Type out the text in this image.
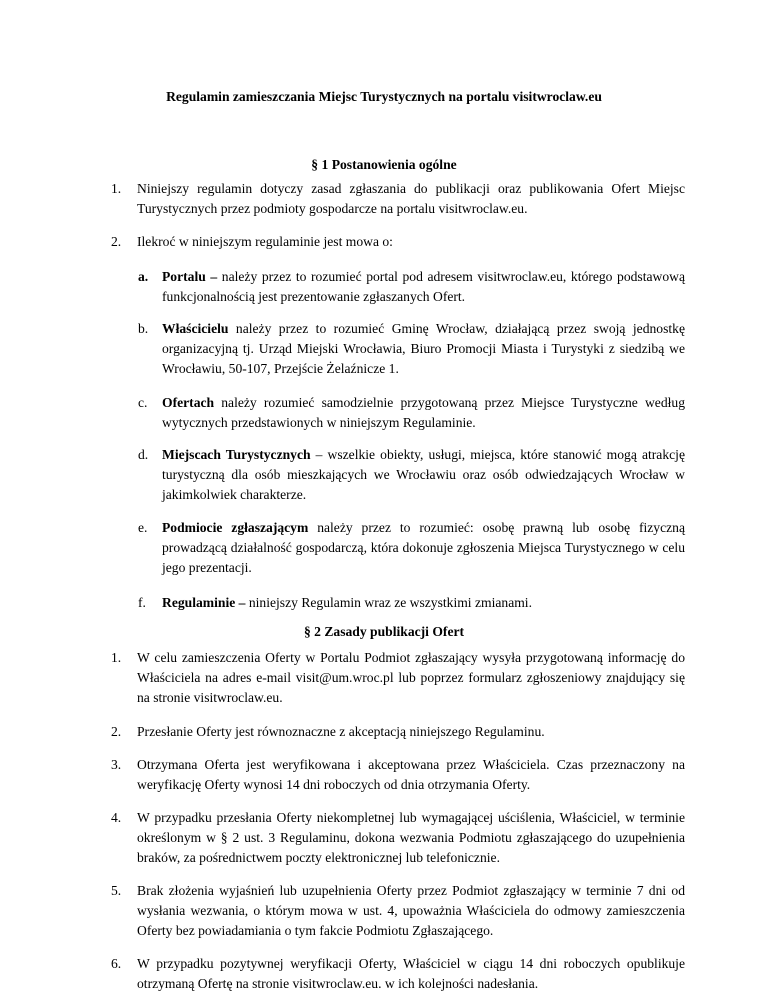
Regulamin zamieszczania Miejsc Turystycznych na portalu visitwroclaw.eu
§ 1 Postanowienia ogólne
1.	Niniejszy regulamin dotyczy zasad zgłaszania do publikacji oraz publikowania Ofert Miejsc Turystycznych przez podmioty gospodarcze na portalu visitwroclaw.eu.
2.	Ilekroć w niniejszym regulaminie jest mowa o:
a.	Portalu – należy przez to rozumieć portal pod adresem visitwroclaw.eu, którego podstawową funkcjonalnością jest prezentowanie zgłaszanych Ofert.
b.	Właścicielu należy przez to rozumieć Gminę Wrocław, działającą przez swoją jednostkę organizacyjną tj. Urząd Miejski Wrocławia, Biuro Promocji Miasta i Turystyki z siedzibą we Wrocławiu, 50-107, Przejście Żelaźnicze 1.
c.	Ofertach należy rozumieć samodzielnie przygotowaną przez Miejsce Turystyczne według wytycznych przedstawionych w niniejszym Regulaminie.
d.	Miejscach Turystycznych – wszelkie obiekty, usługi, miejsca, które stanowić mogą atrakcję turystyczną dla osób mieszkających we Wrocławiu oraz osób odwiedzających Wrocław w jakimkolwiek charakterze.
e.	Podmiocie zgłaszającym należy przez to rozumieć: osobę prawną lub osobę fizyczną prowadzącą działalność gospodarczą, która dokonuje zgłoszenia Miejsca Turystycznego w celu jego prezentacji.
f.	Regulaminie – niniejszy Regulamin wraz ze wszystkimi zmianami.
§ 2 Zasady publikacji Ofert
1.	W celu zamieszczenia Oferty w Portalu Podmiot zgłaszający wysyła przygotowaną informację do Właściciela na adres e-mail visit@um.wroc.pl lub poprzez formularz zgłoszeniowy znajdujący się na stronie visitwroclaw.eu.
2.	Przesłanie Oferty jest równoznaczne z akceptacją niniejszego Regulaminu.
3.	Otrzymana Oferta jest weryfikowana i akceptowana przez Właściciela. Czas przeznaczony na weryfikację Oferty wynosi 14 dni roboczych od dnia otrzymania Oferty.
4.	W przypadku przesłania Oferty niekompletnej lub wymagającej uściślenia, Właściciel, w terminie określonym w § 2 ust. 3 Regulaminu, dokona wezwania Podmiotu zgłaszającego do uzupełnienia braków, za pośrednictwem poczty elektronicznej lub telefonicznie.
5.	Brak złożenia wyjaśnień lub uzupełnienia Oferty przez Podmiot zgłaszający w terminie 7 dni od wysłania wezwania, o którym mowa w ust. 4, upoważnia Właściciela do odmowy zamieszczenia Oferty bez powiadamiania o tym fakcie Podmiotu Zgłaszającego.
6.	W przypadku pozytywnej weryfikacji Oferty, Właściciel w ciągu 14 dni roboczych opublikuje otrzymaną Ofertę na stronie visitwroclaw.eu. w ich kolejności nadesłania.
